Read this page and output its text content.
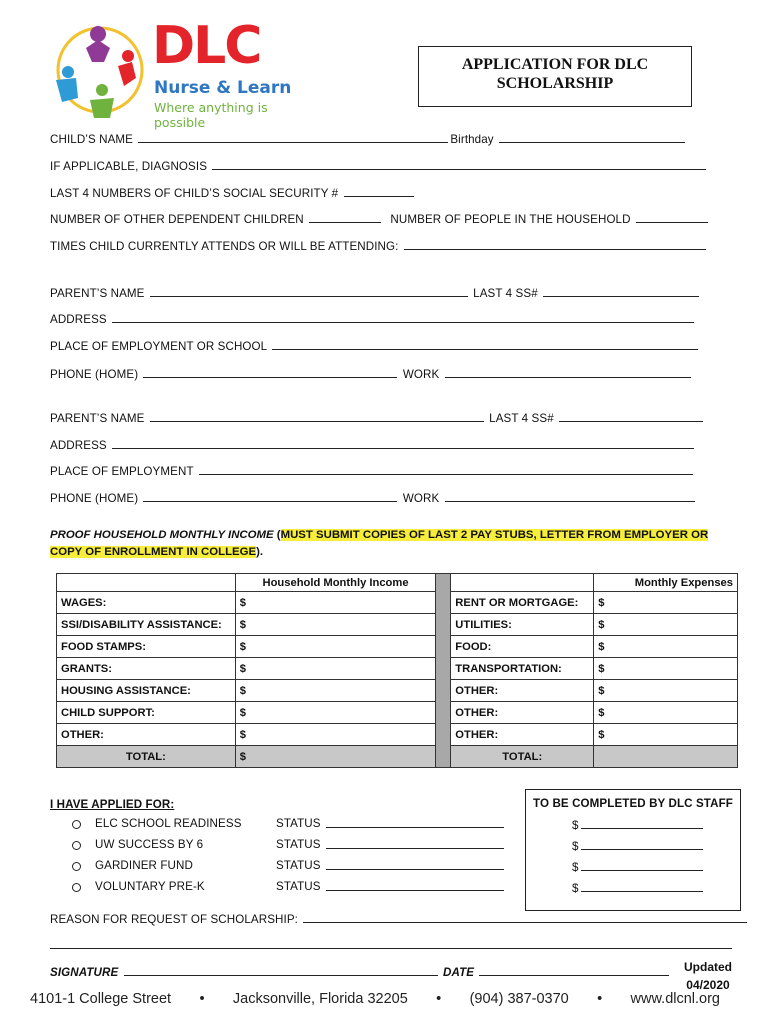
DLC
Nurse & Learn
Where anything is possible
APPLICATION FOR DLC
SCHOLARSHIP
CHILD’S NAME	Birthday
IF APPLICABLE, DIAGNOSIS
LAST 4 NUMBERS OF CHILD’S SOCIAL SECURITY #
NUMBER OF OTHER DEPENDENT CHILDREN	NUMBER OF PEOPLE IN THE HOUSEHOLD
TIMES CHILD CURRENTLY ATTENDS OR WILL BE ATTENDING:
PARENT’S NAME	LAST 4 SS#
ADDRESS
PLACE OF EMPLOYMENT OR SCHOOL
PHONE (HOME)	WORK
PARENT’S NAME	LAST 4 SS#
ADDRESS
PLACE OF EMPLOYMENT
PHONE (HOME)	WORK
PROOF HOUSEHOLD MONTHLY INCOME (MUST SUBMIT COPIES OF LAST 2 PAY STUBS, LETTER FROM EMPLOYER OR
COPY OF ENROLLMENT IN COLLEGE).
	Household Monthly Income			Monthly Expenses
WAGES:	$		RENT OR MORTGAGE:	$
SSI/DISABILITY ASSISTANCE:	$		UTILITIES:	$
FOOD STAMPS:	$		FOOD:	$
GRANTS:	$		TRANSPORTATION:	$
HOUSING ASSISTANCE:	$		OTHER:	$
CHILD SUPPORT:	$		OTHER:	$
OTHER:	$		OTHER:	$
TOTAL:	$		TOTAL:	
I HAVE APPLIED FOR:
ELC SCHOOL READINESS	STATUS
UW SUCCESS BY 6	STATUS
GARDINER FUND	STATUS
VOLUNTARY PRE-K	STATUS
TO BE COMPLETED BY DLC STAFF
$
$
$
$
REASON FOR REQUEST OF SCHOLARSHIP:
SIGNATURE	DATE	Updated
04/2020
4101-1 College Street • Jacksonville, Florida 32205 • (904) 387-0370 • www.dlcnl.org
